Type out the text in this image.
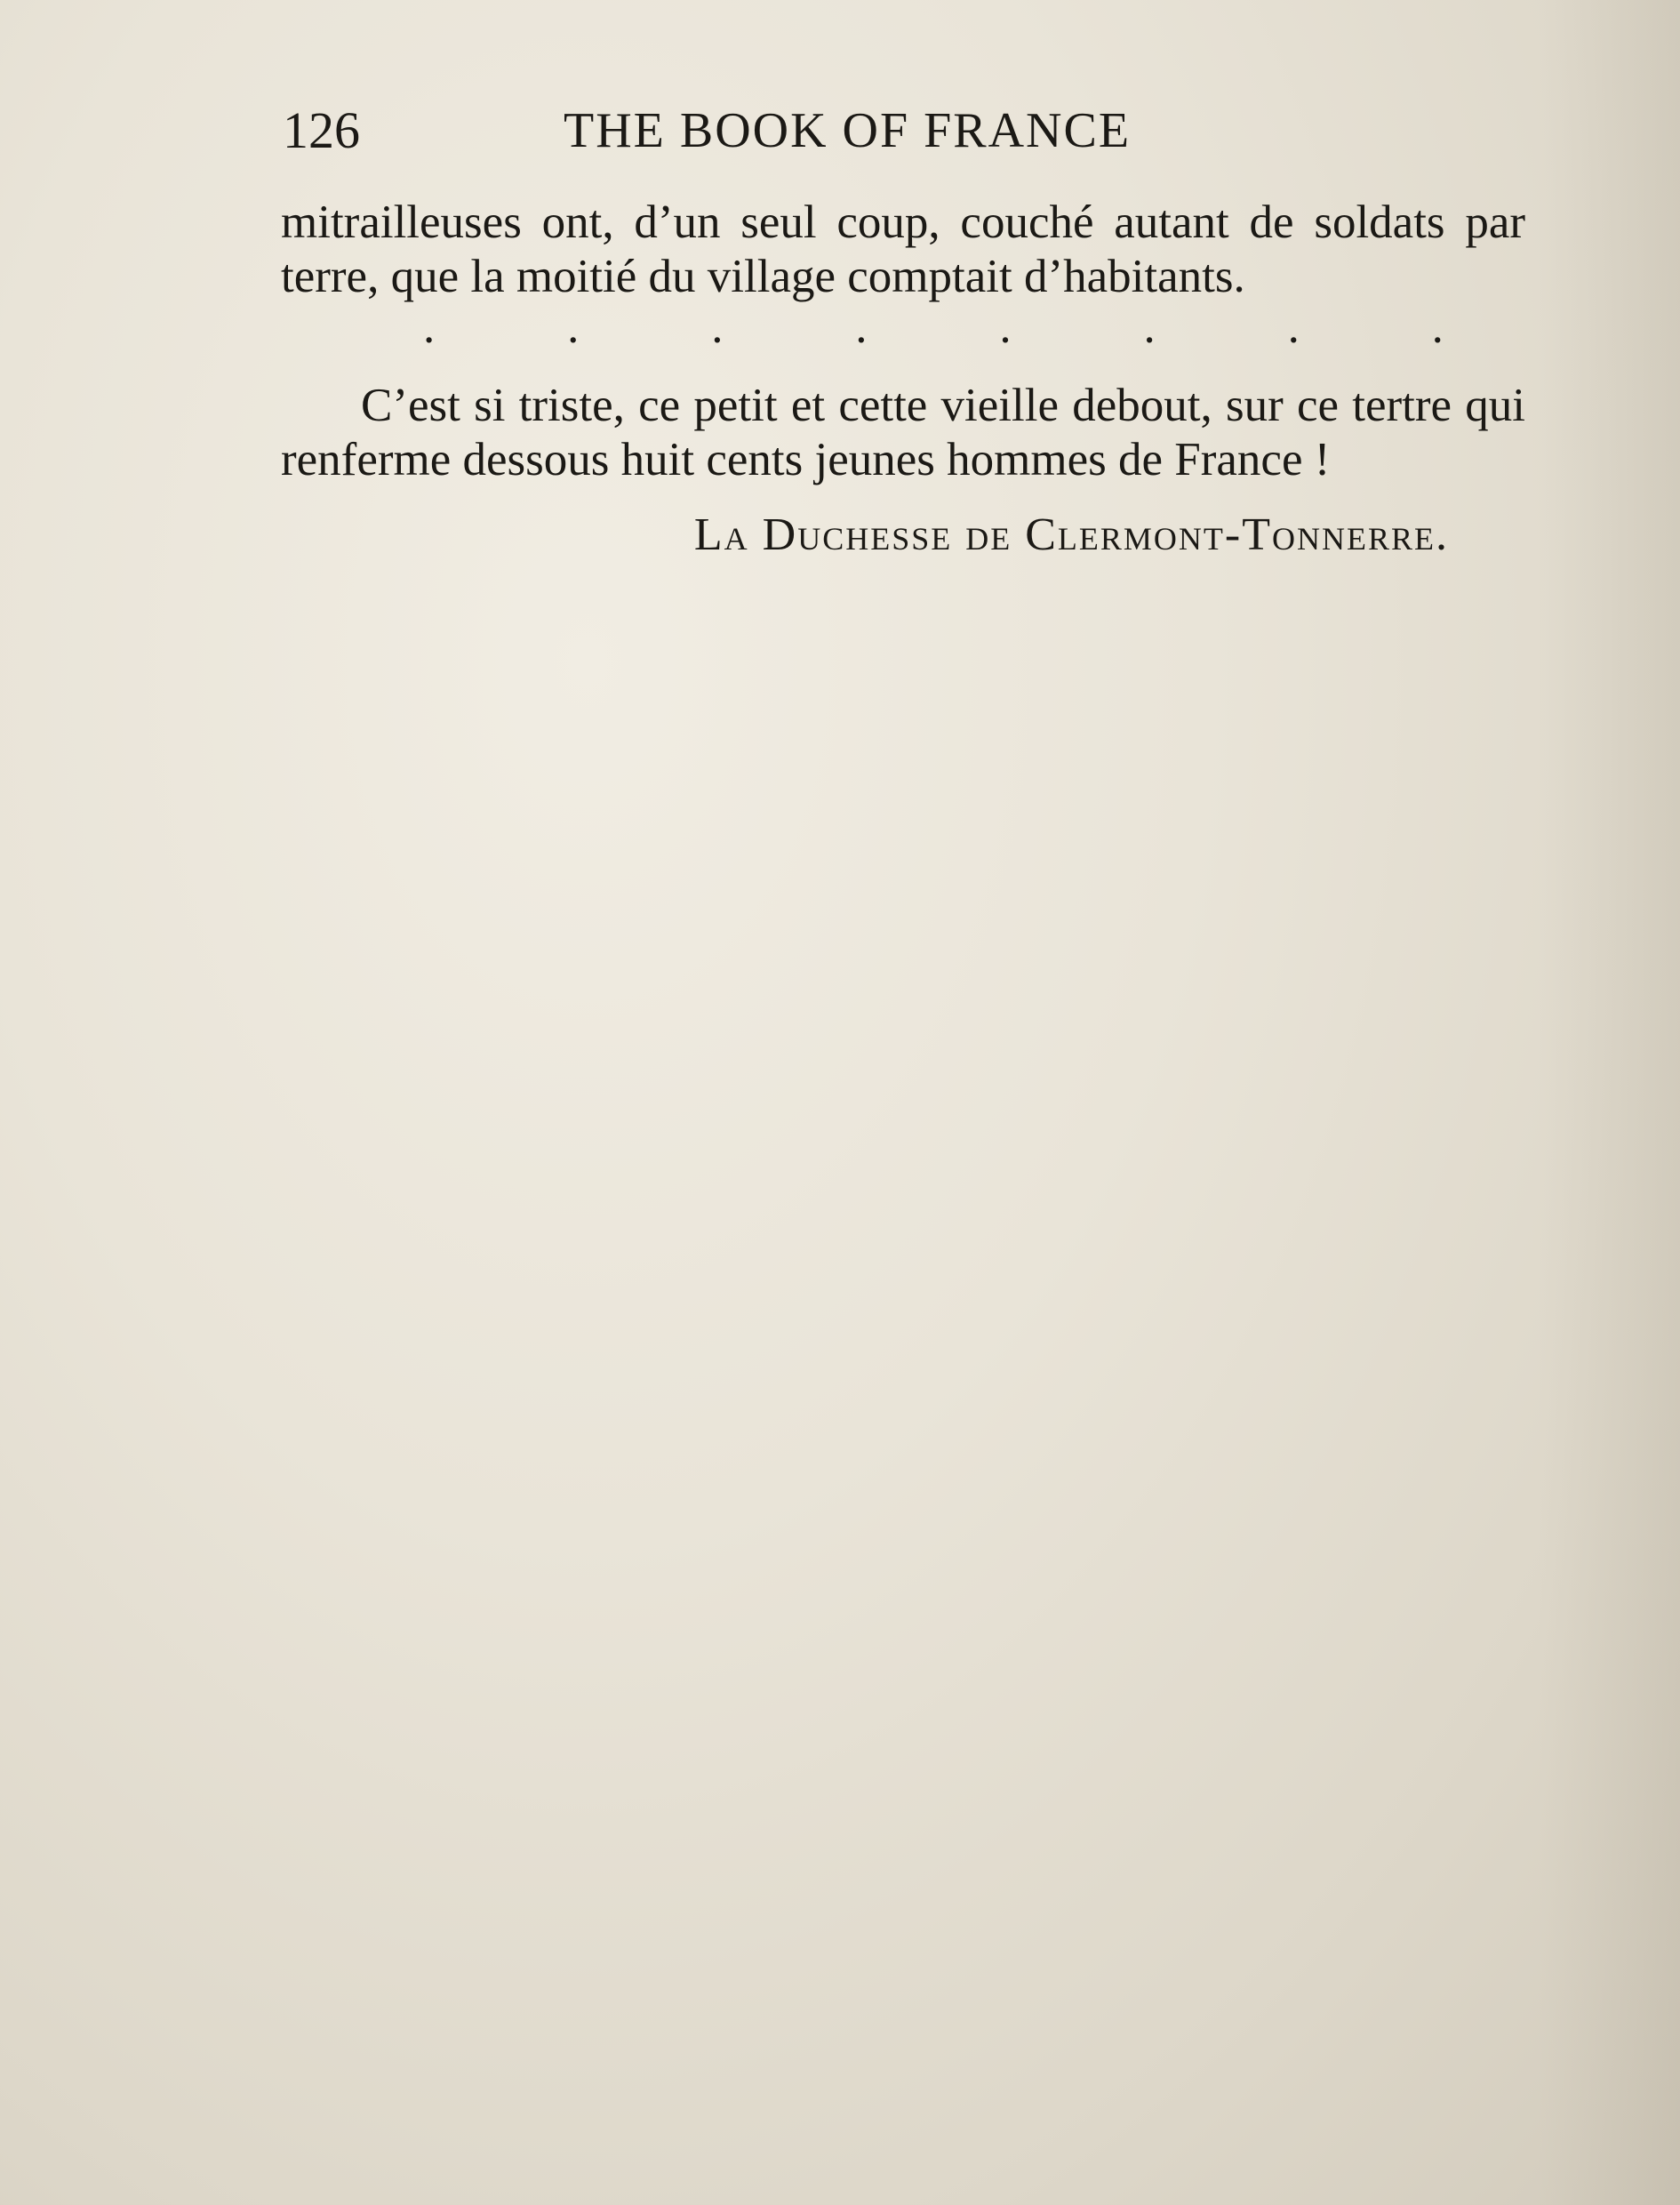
126	THE BOOK OF FRANCE

mitrailleuses ont, d’un seul coup, couché autant de soldats par terre, que la moitié du village comptait d’habitants.

.	.	.	.	.	.	.	.

C’est si triste, ce petit et cette vieille debout, sur ce tertre qui renferme dessous huit cents jeunes hommes de France !

La Duchesse de Clermont-Tonnerre.
